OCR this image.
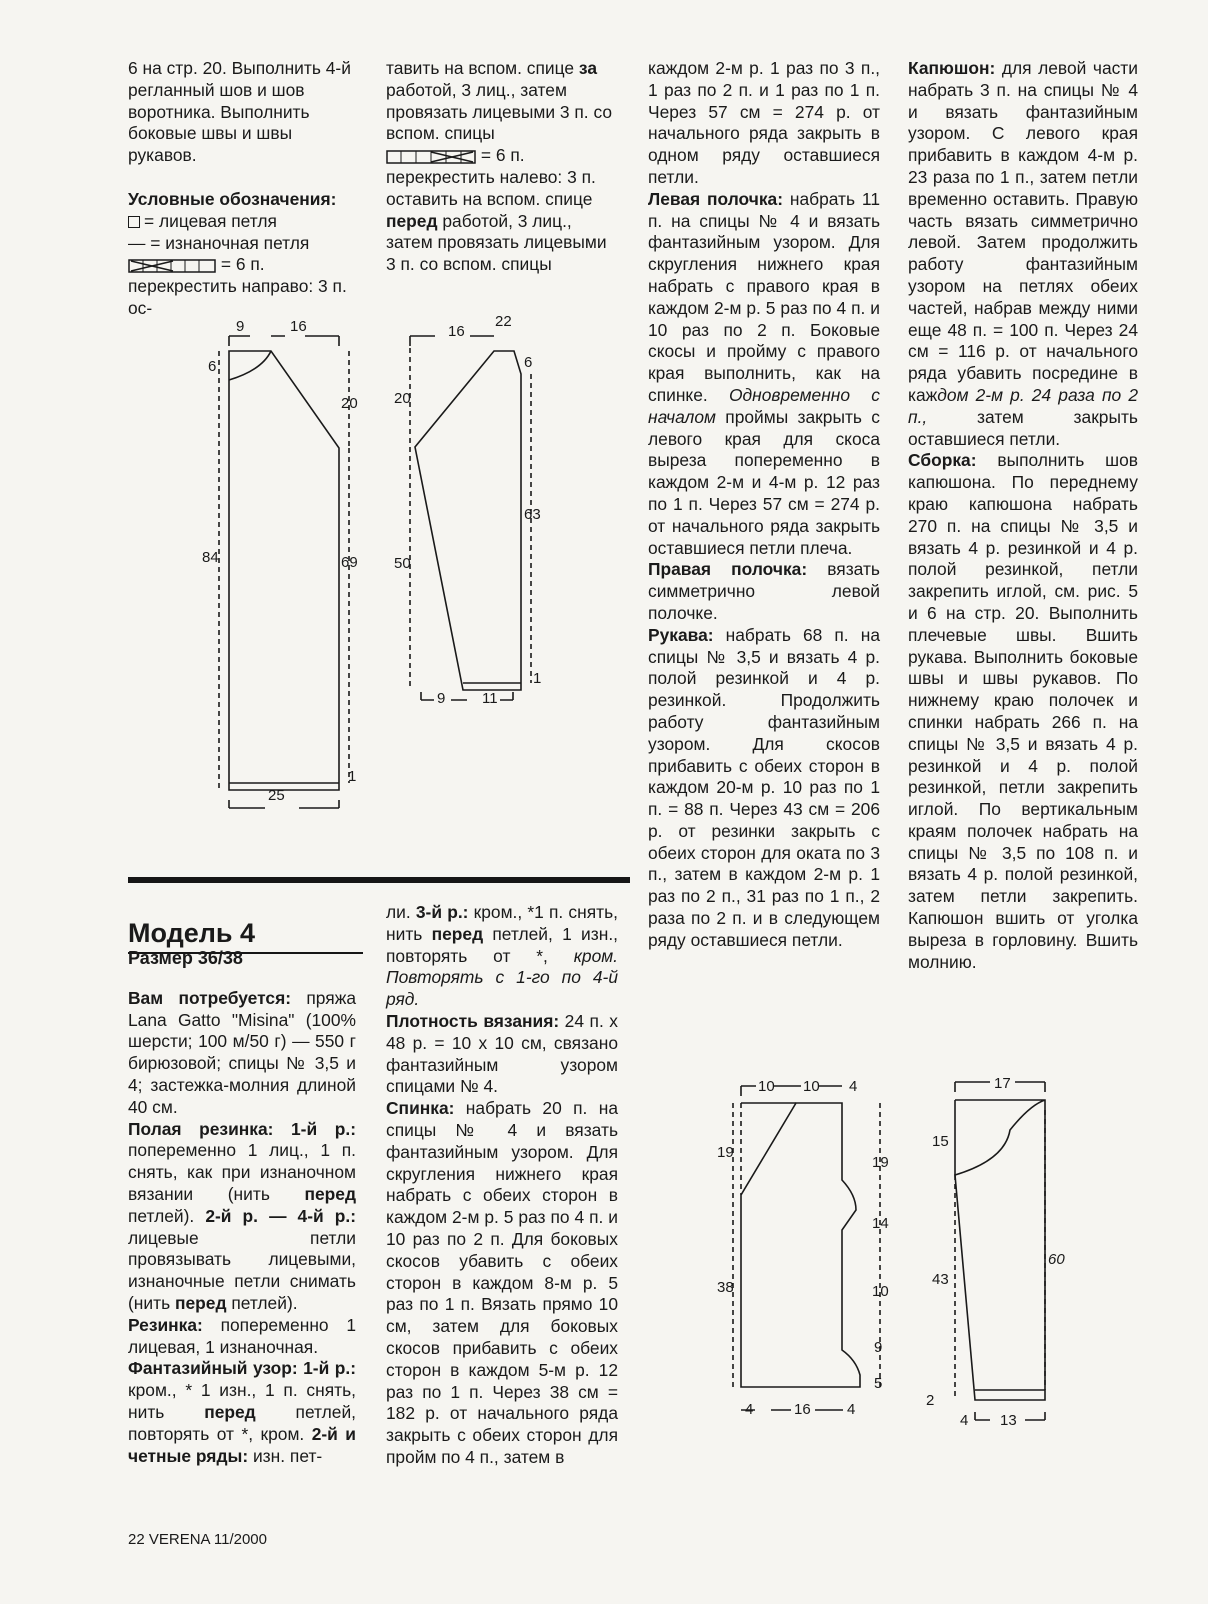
6 на стр. 20. Выполнить 4-й регланный шов и шов воротника. Выполнить боковые швы и швы рукавов.

Условные обозначения:

= лицевая петля

— = изнаночная петля

= 6 п. перекрестить направо: 3 п. ос-

тавить на вспом. спице за работой, 3 лиц., затем провязать лицевыми 3 п. со вспом. спицы

= 6 п. перекрестить налево: 3 п. оставить на вспом. спице перед работой, 3 лиц., затем провязать лицевыми 3 п. со вспом. спицы

каждом 2-м р. 1 раз по 3 п., 1 раз по 2 п. и 1 раз по 1 п. Через 57 см = 274 р. от начального ряда закрыть в одном ряду оставшиеся петли.

Левая полочка: набрать 11 п. на спицы № 4 и вязать фантазийным узором. Для скругления нижнего края набрать с правого края в каждом 2-м р. 5 раз по 4 п. и 10 раз по 2 п. Боковые скосы и пройму с правого края выполнить, как на спинке. Одновременно с началом проймы закрыть с левого края для скоса выреза попеременно в каждом 2-м и 4-м р. 12 раз по 1 п. Через 57 см = 274 р. от начального ряда закрыть оставшиеся петли плеча.

Правая полочка: вязать симметрично левой полочке.

Рукава: набрать 68 п. на спицы № 3,5 и вязать 4 р. полой резинкой и 4 р. резинкой. Продолжить работу фантазийным узором. Для скосов прибавить с обеих сторон в каждом 20-м р. 10 раз по 1 п. = 88 п. Через 43 см = 206 р. от резинки закрыть с обеих сторон для оката по 3 п., затем в каждом 2-м р. 1 раз по 2 п., 31 раз по 1 п., 2 раза по 2 п. и в следующем ряду оставшиеся петли.

Капюшон: для левой части набрать 3 п. на спицы № 4 и вязать фантазийным узором. С левого края прибавить в каждом 4-м р. 23 раза по 1 п., затем петли временно оставить. Правую часть вязать симметрично левой. Затем продолжить работу фантазийным узором на петлях обеих частей, набрав между ними еще 48 п. = 100 п. Через 24 см = 116 р. от начального ряда убавить посредине в каждом 2-м р. 24 раза по 2 п., затем закрыть оставшиеся петли.

Сборка: выполнить шов капюшона. По переднему краю капюшона набрать 270 п. на спицы № 3,5 и вязать 4 р. резинкой и 4 р. полой резинкой, петли закрепить иглой, см. рис. 5 и 6 на стр. 20. Выполнить плечевые швы. Вшить рукава. Выполнить боковые швы и швы рукавов. По нижнему краю полочек и спинки набрать 266 п. на спицы № 3,5 и вязать 4 р. резинкой и 4 р. полой резинкой, петли закрепить иглой. По вертикальным краям полочек набрать на спицы № 3,5 по 108 п. и вязать 4 р. полой резинкой, затем петли закрепить. Капюшон вшить от уголка выреза в горловину. Вшить молнию.

Модель 4

Размер 36/38

Вам потребуется: пряжа Lana Gatto "Misina" (100% шерсти; 100 м/50 г) — 550 г бирюзовой; спицы № 3,5 и 4; застежка-молния длиной 40 см.

Полая резинка: 1-й р.: попеременно 1 лиц., 1 п. снять, как при изнаночном вязании (нить перед петлей). 2-й р. — 4-й р.: лицевые петли провязывать лицевыми, изнаночные петли снимать (нить перед петлей).

Резинка: попеременно 1 лицевая, 1 изнаночная.

Фантазийный узор: 1-й р.: кром., * 1 изн., 1 п. снять, нить перед петлей, повторять от *, кром. 2-й и четные ряды: изн. пет-

ли. 3-й р.: кром., *1 п. снять, нить перед петлей, 1 изн., повторять от *, кром. Повторять с 1-го по 4-й ряд.

Плотность вязания: 24 п. х 48 р. = 10 х 10 см, связано фантазийным узором спицами № 4.

Спинка: набрать 20 п. на спицы № 4 и вязать фантазийным узором. Для скругления нижнего края набрать с обеих сторон в каждом 2-м р. 5 раз по 4 п. и 10 раз по 2 п. Для боковых скосов убавить с обеих сторон в каждом 8-м р. 5 раз по 1 п. Вязать прямо 10 см, затем для боковых скосов прибавить с обеих сторон в каждом 5-м р. 12 раз по 1 п. Через 38 см = 182 р. от начального ряда закрыть с обеих сторон для пройм по 4 п., затем в

9	16
6
20
84	69
1
25
16
22
6
20
63
50
1
9 11
10 10 4
19
38
19
14
10
9
5
4	16 4
17
15
43
2
60
4 13
22 VERENA 11/2000
